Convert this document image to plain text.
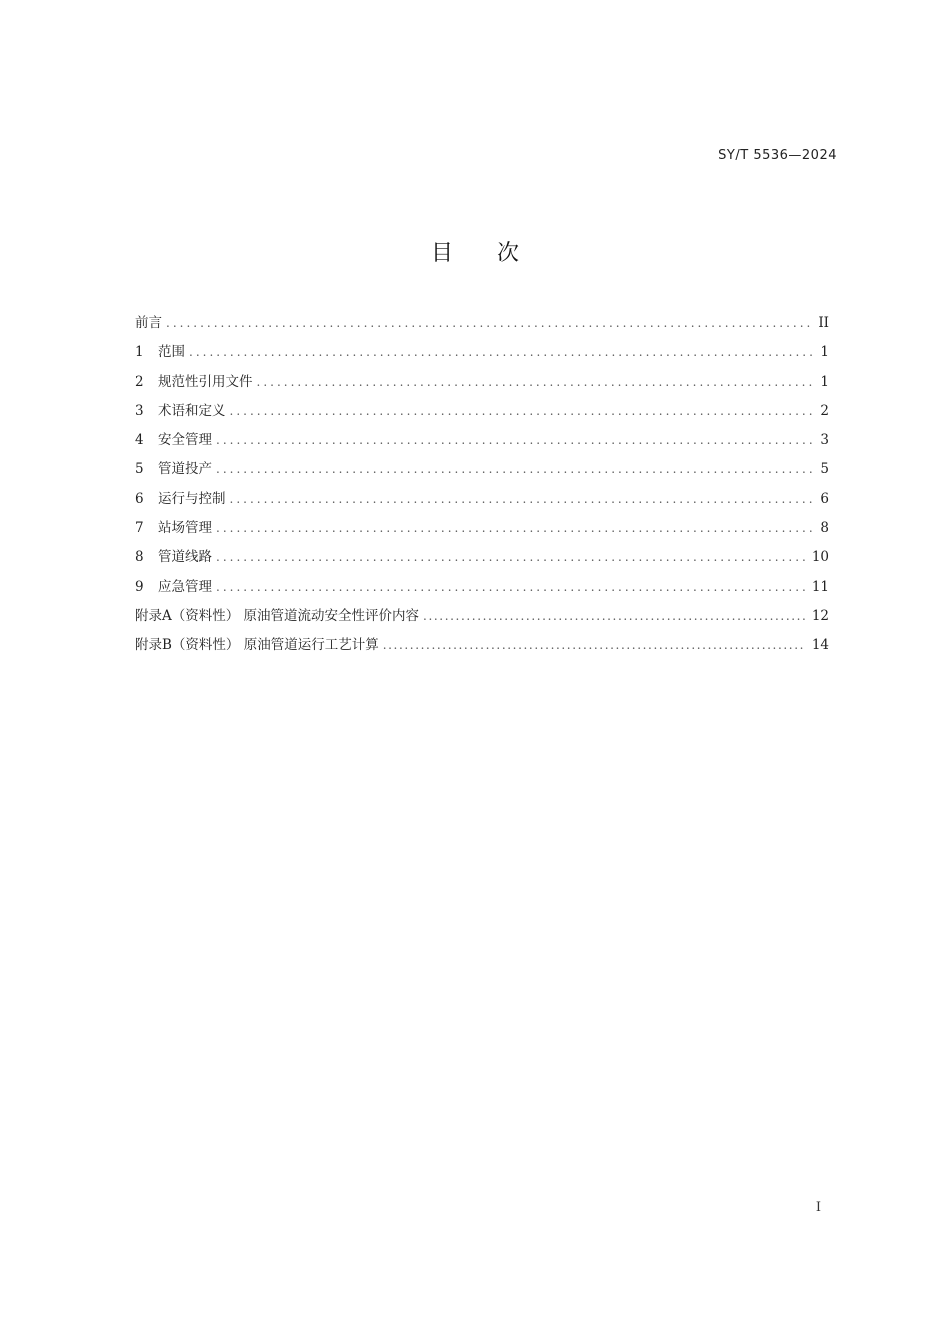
SY/T 5536—2024
目次
前言 .....	II
1	范围 .....	1
2	规范性引用文件 .....	1
3	术语和定义 .....	2
4	安全管理 .....	3
5	管道投产 .....	5
6	运行与控制 .....	6
7	站场管理 .....	8
8	管道线路 .....	10
9	应急管理 .....	11
附录A（资料性） 原油管道流动安全性评价内容 .....	12
附录B（资料性） 原油管道运行工艺计算 .....	14
I
